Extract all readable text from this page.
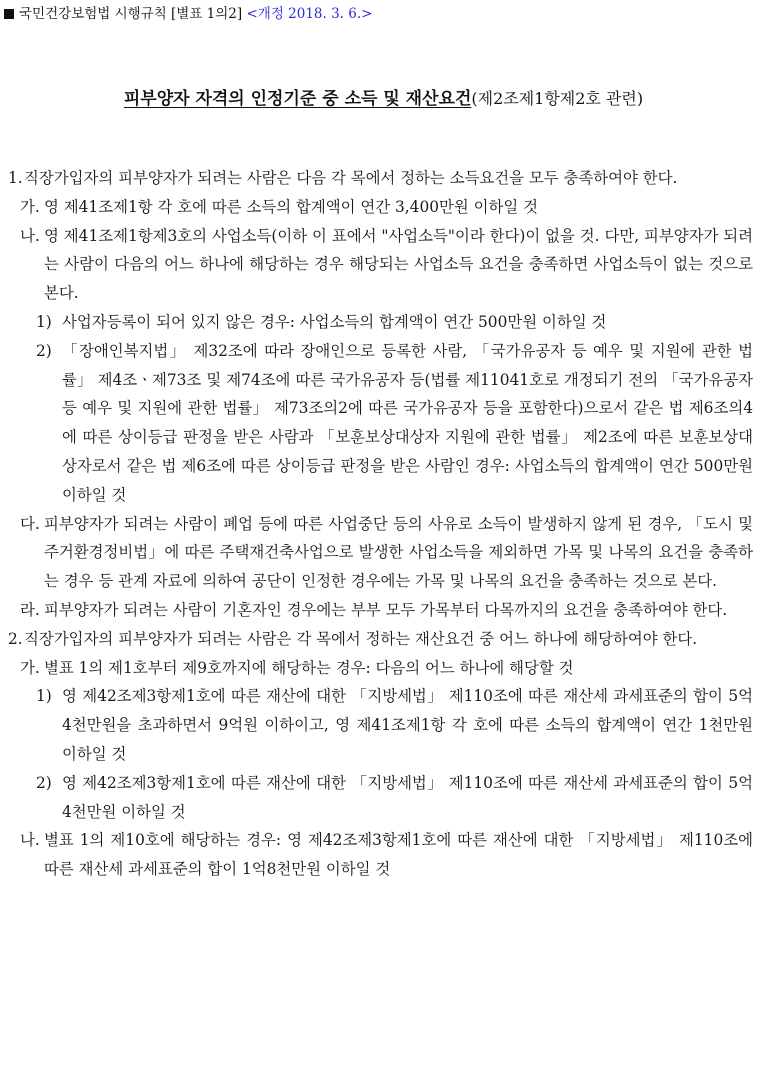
국민건강보험법 시행규칙 [별표 1의2] <개정 2018. 3. 6.>
피부양자 자격의 인정기준 중 소득 및 재산요건(제2조제1항제2호 관련)
1. 직장가입자의 피부양자가 되려는 사람은 다음 각 목에서 정하는 소득요건을 모두 충족하여야 한다.
가. 영 제41조제1항 각 호에 따른 소득의 합계액이 연간 3,400만원 이하일 것
나. 영 제41조제1항제3호의 사업소득(이하 이 표에서 "사업소득"이라 한다)이 없을 것. 다만, 피부양자가 되려는 사람이 다음의 어느 하나에 해당하는 경우 해당되는 사업소득 요건을 충족하면 사업소득이 없는 것으로 본다.
1) 사업자등록이 되어 있지 않은 경우: 사업소득의 합계액이 연간 500만원 이하일 것
2) 「장애인복지법」 제32조에 따라 장애인으로 등록한 사람, 「국가유공자 등 예우 및 지원에 관한 법률」 제4조ㆍ제73조 및 제74조에 따른 국가유공자 등(법률 제11041호로 개정되기 전의 「국가유공자 등 예우 및 지원에 관한 법률」 제73조의2에 따른 국가유공자 등을 포함한다)으로서 같은 법 제6조의4에 따른 상이등급 판정을 받은 사람과 「보훈보상대상자 지원에 관한 법률」 제2조에 따른 보훈보상대상자로서 같은 법 제6조에 따른 상이등급 판정을 받은 사람인 경우: 사업소득의 합계액이 연간 500만원 이하일 것
다. 피부양자가 되려는 사람이 폐업 등에 따른 사업중단 등의 사유로 소득이 발생하지 않게 된 경우, 「도시 및 주거환경정비법」에 따른 주택재건축사업으로 발생한 사업소득을 제외하면 가목 및 나목의 요건을 충족하는 경우 등 관계 자료에 의하여 공단이 인정한 경우에는 가목 및 나목의 요건을 충족하는 것으로 본다.
라. 피부양자가 되려는 사람이 기혼자인 경우에는 부부 모두 가목부터 다목까지의 요건을 충족하여야 한다.
2. 직장가입자의 피부양자가 되려는 사람은 각 목에서 정하는 재산요건 중 어느 하나에 해당하여야 한다.
가. 별표 1의 제1호부터 제9호까지에 해당하는 경우: 다음의 어느 하나에 해당할 것
1) 영 제42조제3항제1호에 따른 재산에 대한 「지방세법」 제110조에 따른 재산세 과세표준의 합이 5억 4천만원을 초과하면서 9억원 이하이고, 영 제41조제1항 각 호에 따른 소득의 합계액이 연간 1천만원 이하일 것
2) 영 제42조제3항제1호에 따른 재산에 대한 「지방세법」 제110조에 따른 재산세 과세표준의 합이 5억4천만원 이하일 것
나. 별표 1의 제10호에 해당하는 경우: 영 제42조제3항제1호에 따른 재산에 대한 「지방세법」 제110조에 따른 재산세 과세표준의 합이 1억8천만원 이하일 것
